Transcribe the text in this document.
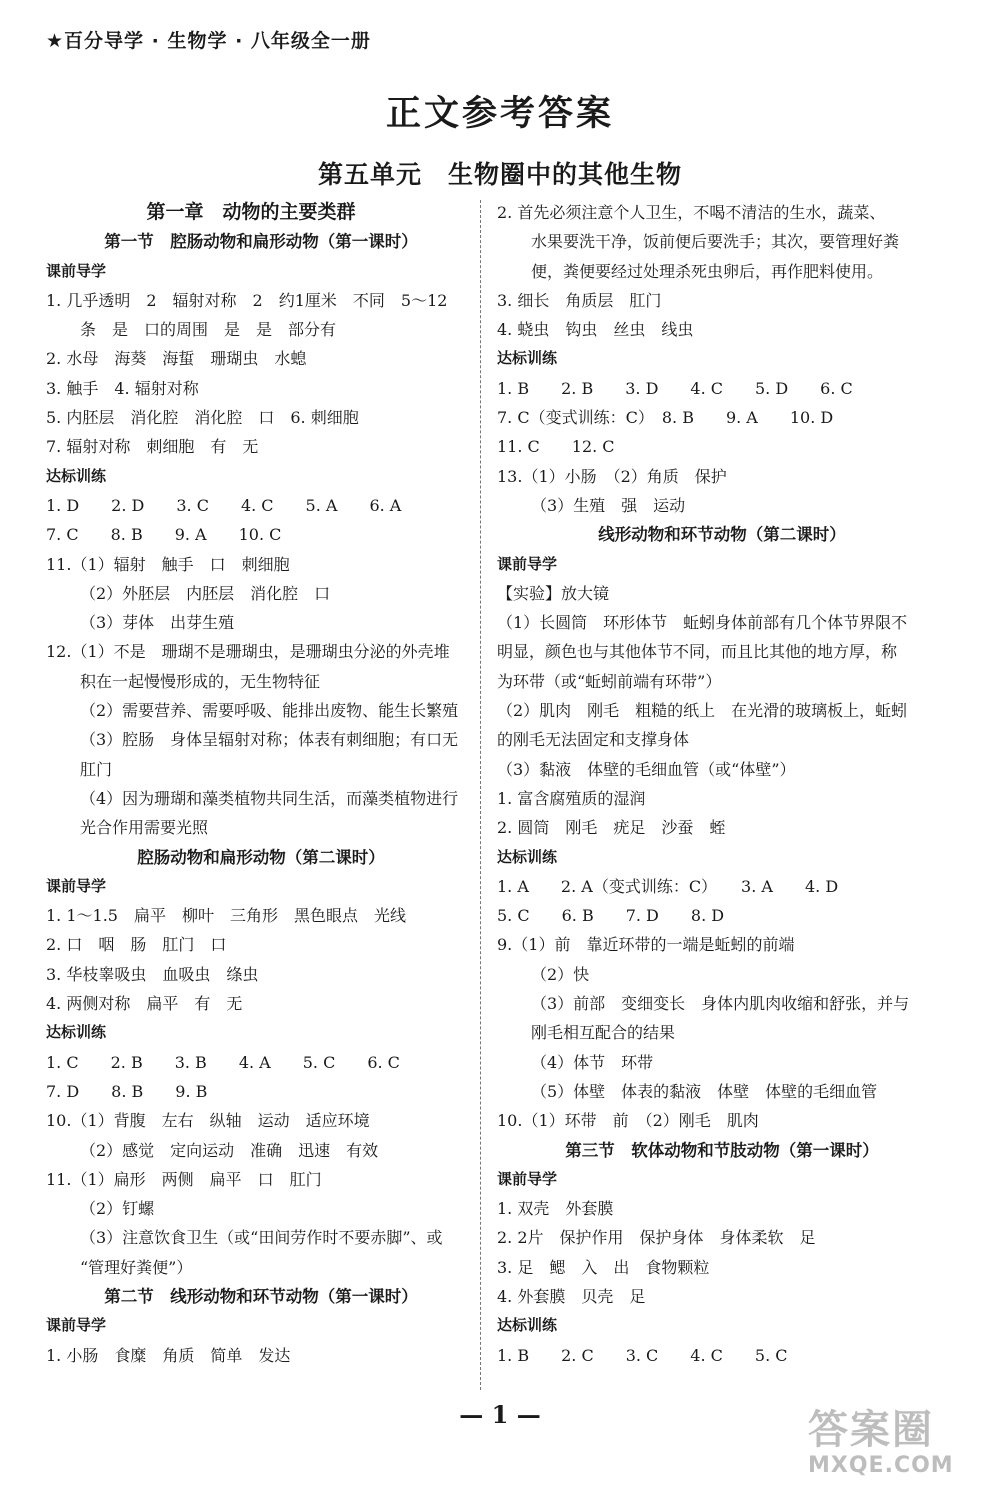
★百分导学 · 生物学 · 八年级全一册
正文参考答案
第五单元　生物圈中的其他生物
第一章　动物的主要类群
第一节　腔肠动物和扁形动物（第一课时）
课前导学
1. 几乎透明　2　辐射对称　2　约1厘米　不同　5～12
条　是　口的周围　是　是　部分有
2. 水母　海葵　海蜇　珊瑚虫　水螅
3. 触手　4. 辐射对称
5. 内胚层　消化腔　消化腔　口　6. 刺细胞
7. 辐射对称　刺细胞　有　无
达标训练
1. D　　2. D　　3. C　　4. C　　5. A　　6. A
7. C　　8. B　　9. A　　10. C
11.（1）辐射　触手　口　刺细胞
（2）外胚层　内胚层　消化腔　口
（3）芽体　出芽生殖
12.（1）不是　珊瑚不是珊瑚虫，是珊瑚虫分泌的外壳堆
积在一起慢慢形成的，无生物特征
（2）需要营养、需要呼吸、能排出废物、能生长繁殖
（3）腔肠　身体呈辐射对称；体表有刺细胞；有口无
肛门
（4）因为珊瑚和藻类植物共同生活，而藻类植物进行
光合作用需要光照
腔肠动物和扁形动物（第二课时）
课前导学
1. 1～1.5　扁平　柳叶　三角形　黑色眼点　光线
2. 口　咽　肠　肛门　口
3. 华枝睾吸虫　血吸虫　绦虫
4. 两侧对称　扁平　有　无
达标训练
1. C　　2. B　　3. B　　4. A　　5. C　　6. C
7. D　　8. B　　9. B
10.（1）背腹　左右　纵轴　运动　适应环境
（2）感觉　定向运动　准确　迅速　有效
11.（1）扁形　两侧　扁平　口　肛门
（2）钉螺
（3）注意饮食卫生（或“田间劳作时不要赤脚”、或
“管理好粪便”）
第二节　线形动物和环节动物（第一课时）
课前导学
1. 小肠　食糜　角质　简单　发达
2. 首先必须注意个人卫生，不喝不清洁的生水，蔬菜、
水果要洗干净，饭前便后要洗手；其次，要管理好粪
便，粪便要经过处理杀死虫卵后，再作肥料使用。
3. 细长　角质层　肛门
4. 蛲虫　钩虫　丝虫　线虫
达标训练
1. B　　2. B　　3. D　　4. C　　5. D　　6. C
7. C（变式训练：C）　8. B　　9. A　　10. D
11. C　　12. C
13.（1）小肠　（2）角质　保护
（3）生殖　强　运动
线形动物和环节动物（第二课时）
课前导学
【实验】放大镜
（1）长圆筒　环形体节　蚯蚓身体前部有几个体节界限不
明显，颜色也与其他体节不同，而且比其他的地方厚，称
为环带（或“蚯蚓前端有环带”）
（2）肌肉　刚毛　粗糙的纸上　在光滑的玻璃板上，蚯蚓
的刚毛无法固定和支撑身体
（3）黏液　体壁的毛细血管（或“体壁”）
1. 富含腐殖质的湿润
2. 圆筒　刚毛　疣足　沙蚕　蛭
达标训练
1. A　　2. A（变式训练：C）　　3. A　　4. D
5. C　　6. B　　7. D　　8. D
9.（1）前　靠近环带的一端是蚯蚓的前端
（2）快
（3）前部　变细变长　身体内肌肉收缩和舒张，并与
刚毛相互配合的结果
（4）体节　环带
（5）体壁　体表的黏液　体壁　体壁的毛细血管
10.（1）环带　前　（2）刚毛　肌肉
第三节　软体动物和节肢动物（第一课时）
课前导学
1. 双壳　外套膜
2. 2片　保护作用　保护身体　身体柔软　足
3. 足　鳃　入　出　食物颗粒
4. 外套膜　贝壳　足
达标训练
1. B　　2. C　　3. C　　4. C　　5. C
— 1 —	答案圈
MXQE.COM
